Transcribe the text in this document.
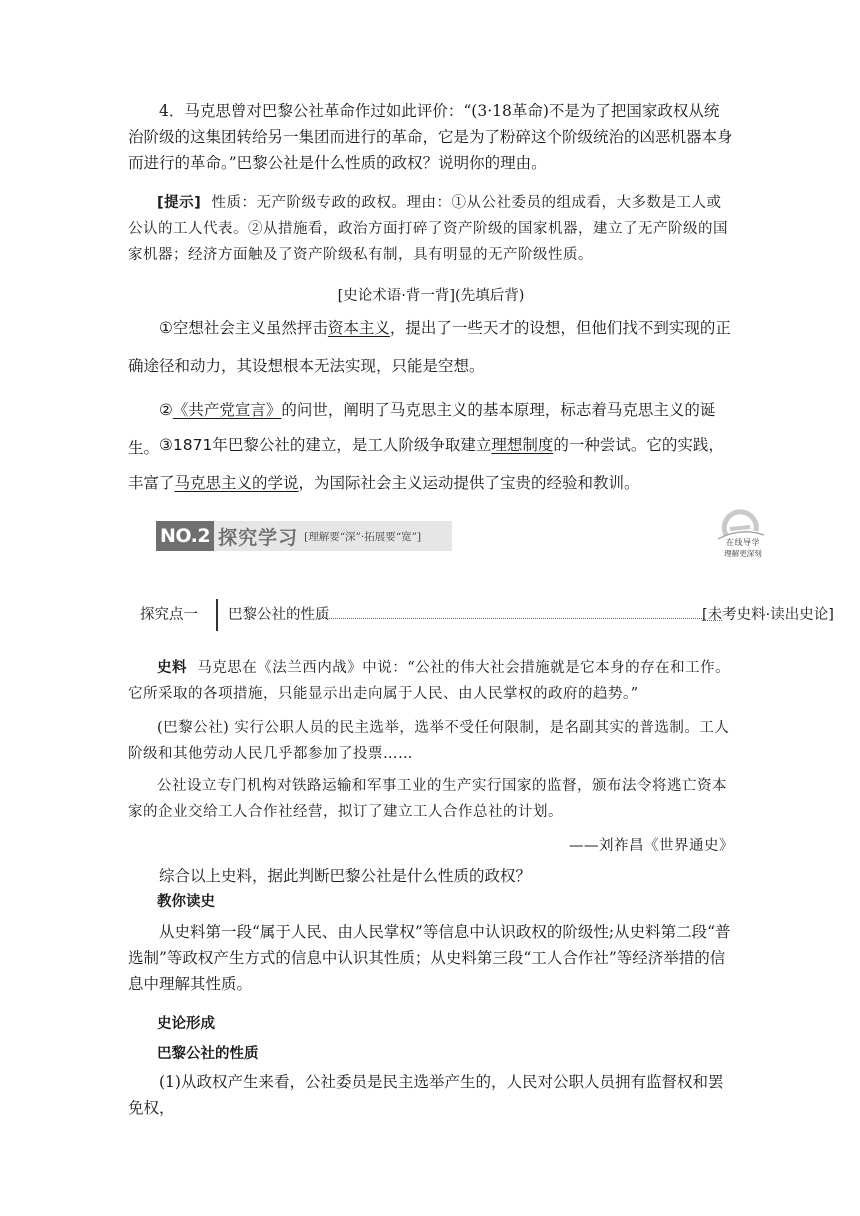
4．马克思曾对巴黎公社革命作过如此评价：“(3·18革命)不是为了把国家政权从统治阶级的这集团转给另一集团而进行的革命，它是为了粉碎这个阶级统治的凶恶机器本身而进行的革命。”巴黎公社是什么性质的政权？说明你的理由。

[提示] 性质：无产阶级专政的政权。理由：①从公社委员的组成看，大多数是工人或公认的工人代表。②从措施看，政治方面打碎了资产阶级的国家机器，建立了无产阶级的国家机器；经济方面触及了资产阶级私有制，具有明显的无产阶级性质。

[史论术语·背一背](先填后背)

①空想社会主义虽然抨击资本主义，提出了一些天才的设想，但他们找不到实现的正确途径和动力，其设想根本无法实现，只能是空想。

②《共产党宣言》的问世，阐明了马克思主义的基本原理，标志着马克思主义的诞生。 ③1871年巴黎公社的建立，是工人阶级争取建立理想制度的一种尝试。它的实践，丰富了马克思主义的学说，为国际社会主义运动提供了宝贵的经验和教训。

NO.2 探究学习 [理解要“深”·拓展要“宽”]	在线导学
理解更深刻
探究点一 巴黎公社的性质	[未考史料·读出史论]

史料 马克思在《法兰西内战》中说：“公社的伟大社会措施就是它本身的存在和工作。它所采取的各项措施，只能显示出走向属于人民、由人民掌权的政府的趋势。”

(巴黎公社) 实行公职人员的民主选举，选举不受任何限制，是名副其实的普选制。工人阶级和其他劳动人民几乎都参加了投票……

公社设立专门机构对铁路运输和军事工业的生产实行国家的监督，颁布法令将逃亡资本家的企业交给工人合作社经营，拟订了建立工人合作总社的计划。

——刘祚昌《世界通史》

综合以上史料，据此判断巴黎公社是什么性质的政权？

教你读史

从史料第一段“属于人民、由人民掌权”等信息中认识政权的阶级性;从史料第二段“普选制”等政权产生方式的信息中认识其性质；从史料第三段“工人合作社”等经济举措的信息中理解其性质。

史论形成

巴黎公社的性质

(1)从政权产生来看，公社委员是民主选举产生的，人民对公职人员拥有监督权和罢免权，
